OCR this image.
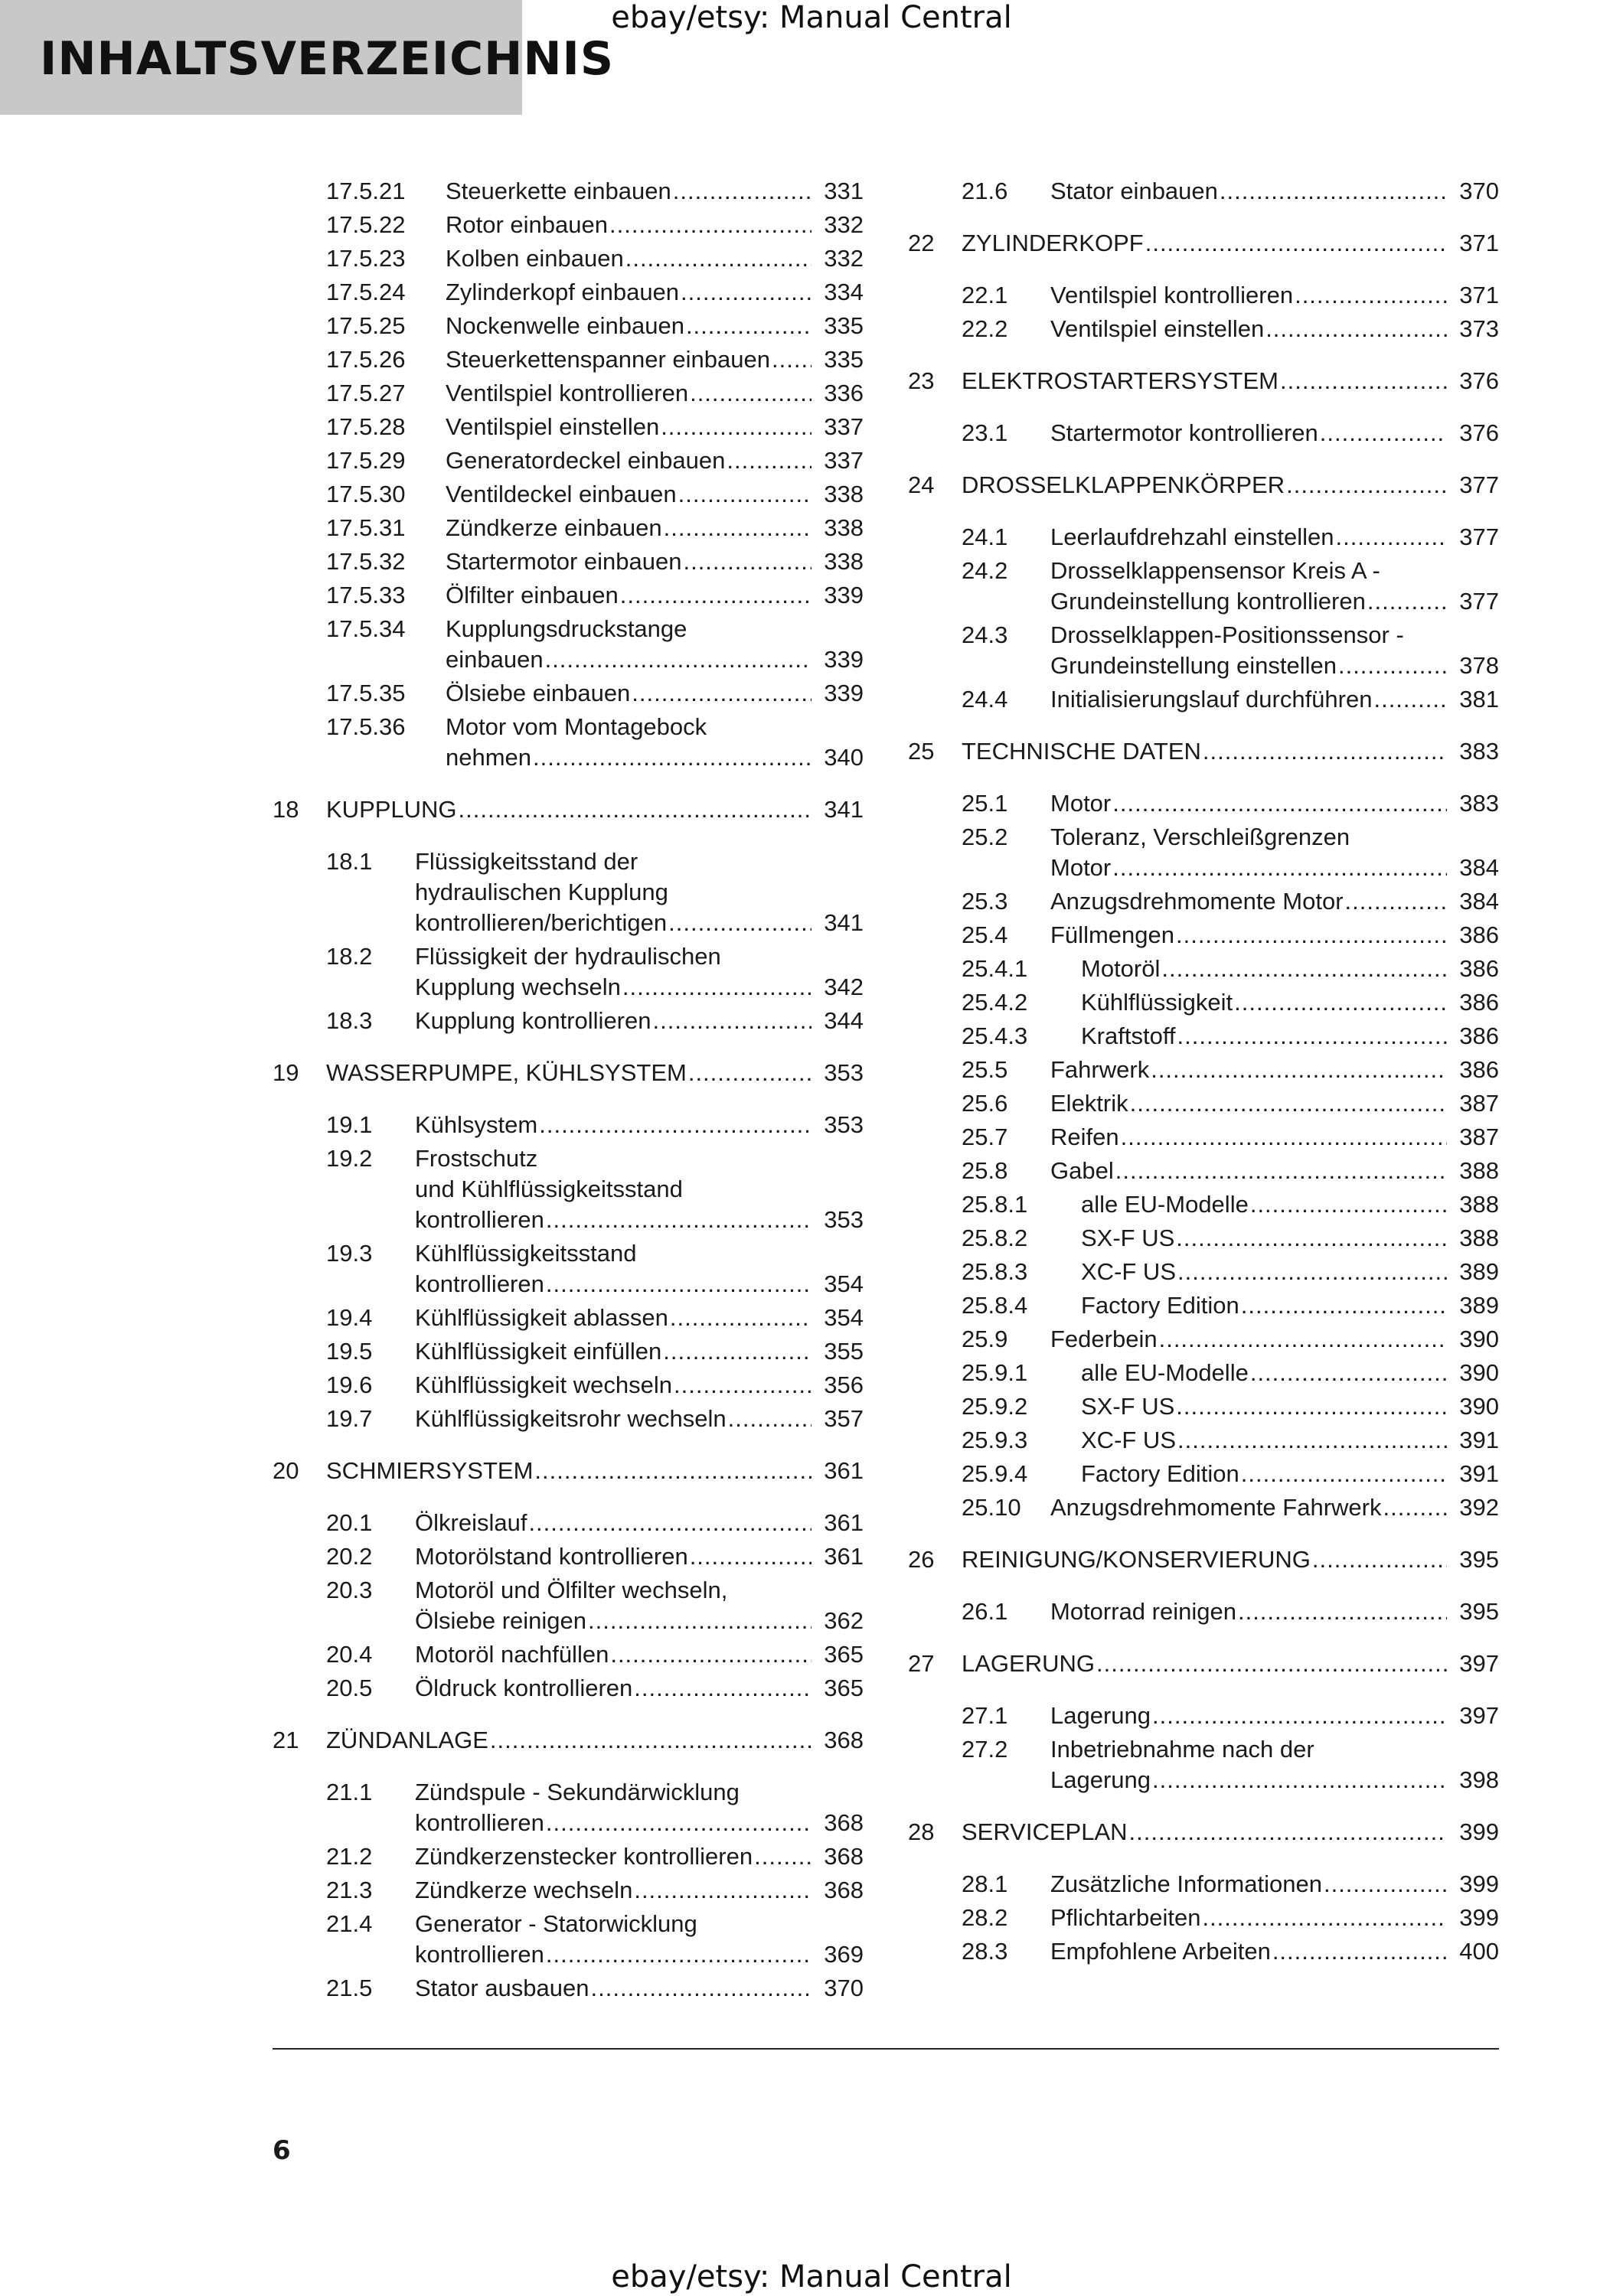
INHALTSVERZEICHNIS
ebay/etsy: Manual Central
17.5.21 Steuerkette einbauen .....	331
17.5.22 Rotor einbauen .....	332
17.5.23 Kolben einbauen .....	332
17.5.24 Zylinderkopf einbauen .....	334
17.5.25 Nockenwelle einbauen .....	335
17.5.26 Steuerkettenspanner einbauen .....	335
17.5.27 Ventilspiel kontrollieren .....	336
17.5.28 Ventilspiel einstellen .....	337
17.5.29 Generatordeckel einbauen .....	337
17.5.30 Ventildeckel einbauen .....	338
17.5.31 Zündkerze einbauen .....	338
17.5.32 Startermotor einbauen .....	338
17.5.33 Ölfilter einbauen .....	339
17.5.34 Kupplungsdruckstange
einbauen .....	339
17.5.35 Ölsiebe einbauen .....	339
17.5.36 Motor vom Montagebock
nehmen .....	340
18 KUPPLUNG .....	341
18.1 Flüssigkeitsstand der
hydraulischen Kupplung
kontrollieren/berichtigen .....	341
18.2 Flüssigkeit der hydraulischen
Kupplung wechseln .....	342
18.3 Kupplung kontrollieren .....	344
19 WASSERPUMPE, KÜHLSYSTEM .....	353
19.1 Kühlsystem .....	353
19.2 Frostschutz
und Kühlflüssigkeitsstand
kontrollieren .....	353
19.3 Kühlflüssigkeitsstand
kontrollieren .....	354
19.4 Kühlflüssigkeit ablassen .....	354
19.5 Kühlflüssigkeit einfüllen .....	355
19.6 Kühlflüssigkeit wechseln .....	356
19.7 Kühlflüssigkeitsrohr wechseln .....	357
20 SCHMIERSYSTEM .....	361
20.1 Ölkreislauf .....	361
20.2 Motorölstand kontrollieren .....	361
20.3 Motoröl und Ölfilter wechseln,
Ölsiebe reinigen .....	362
20.4 Motoröl nachfüllen .....	365
20.5 Öldruck kontrollieren .....	365
21 ZÜNDANLAGE .....	368
21.1 Zündspule - Sekundärwicklung
kontrollieren .....	368
21.2 Zündkerzenstecker kontrollieren .....	368
21.3 Zündkerze wechseln .....	368
21.4 Generator - Statorwicklung
kontrollieren .....	369
21.5 Stator ausbauen .....	370
21.6 Stator einbauen .....	370
22 ZYLINDERKOPF .....	371
22.1 Ventilspiel kontrollieren .....	371
22.2 Ventilspiel einstellen .....	373
23 ELEKTROSTARTERSYSTEM .....	376
23.1 Startermotor kontrollieren .....	376
24 DROSSELKLAPPENKÖRPER .....	377
24.1 Leerlaufdrehzahl einstellen .....	377
24.2 Drosselklappensensor Kreis A -
Grundeinstellung kontrollieren .....	377
24.3 Drosselklappen-Positionssensor -
Grundeinstellung einstellen .....	378
24.4 Initialisierungslauf durchführen .....	381
25 TECHNISCHE DATEN .....	383
25.1 Motor .....	383
25.2 Toleranz, Verschleißgrenzen
Motor .....	384
25.3 Anzugsdrehmomente Motor .....	384
25.4 Füllmengen .....	386
25.4.1 Motoröl .....	386
25.4.2 Kühlflüssigkeit .....	386
25.4.3 Kraftstoff .....	386
25.5 Fahrwerk .....	386
25.6 Elektrik .....	387
25.7 Reifen .....	387
25.8 Gabel .....	388
25.8.1 alle EU-Modelle .....	388
25.8.2 SX-F US .....	388
25.8.3 XC-F US .....	389
25.8.4 Factory Edition .....	389
25.9 Federbein .....	390
25.9.1 alle EU-Modelle .....	390
25.9.2 SX-F US .....	390
25.9.3 XC-F US .....	391
25.9.4 Factory Edition .....	391
25.10 Anzugsdrehmomente Fahrwerk .....	392
26 REINIGUNG/KONSERVIERUNG .....	395
26.1 Motorrad reinigen .....	395
27 LAGERUNG .....	397
27.1 Lagerung .....	397
27.2 Inbetriebnahme nach der
Lagerung .....	398
28 SERVICEPLAN .....	399
28.1 Zusätzliche Informationen .....	399
28.2 Pflichtarbeiten .....	399
28.3 Empfohlene Arbeiten .....	400
6
ebay/etsy: Manual Central
